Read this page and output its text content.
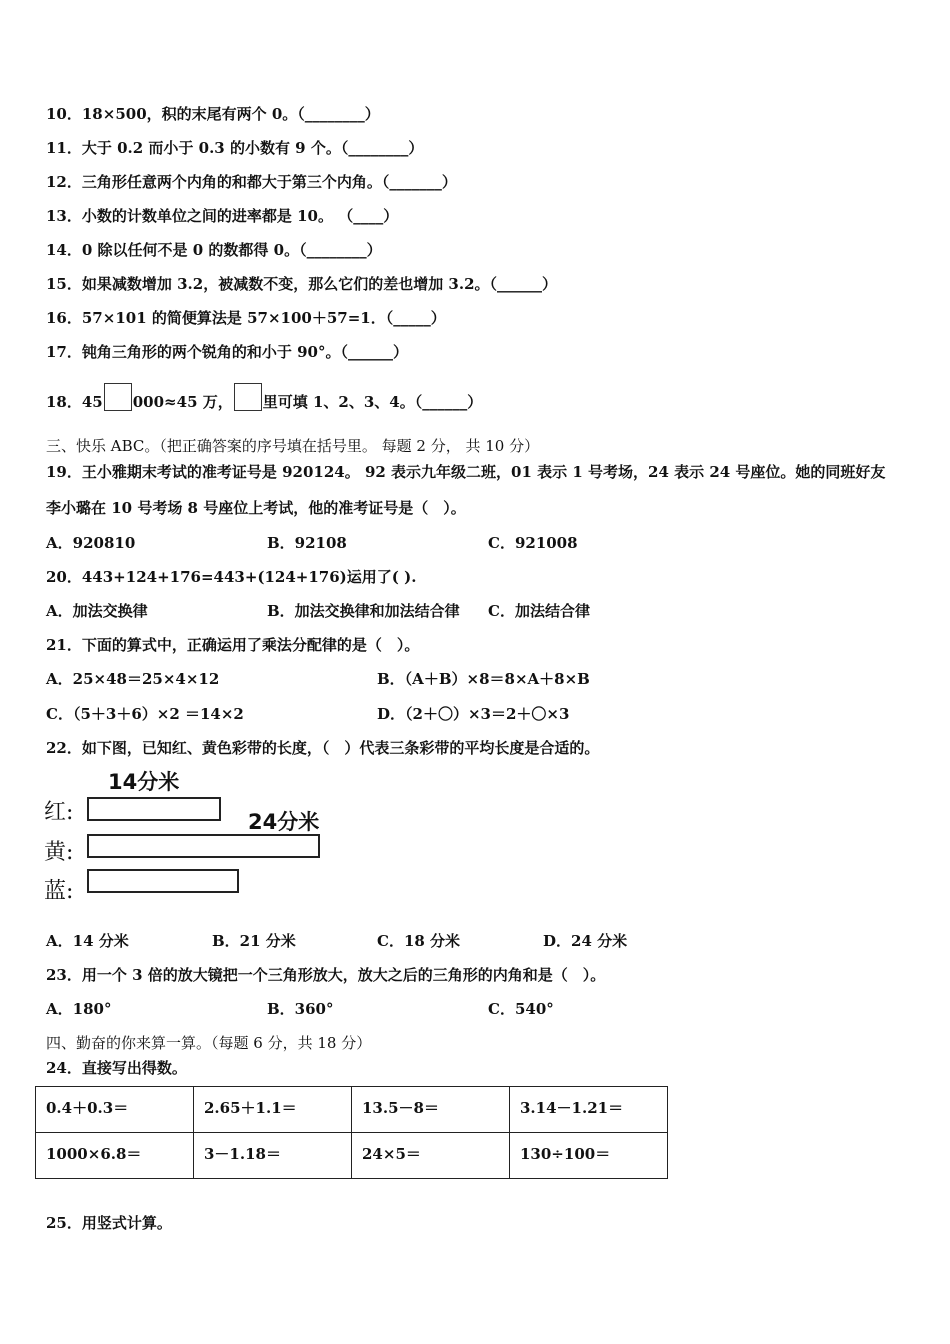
10．18×500，积的末尾有两个 0。（________）
11．大于 0.2 而小于 0.3 的小数有 9 个。（________）
12．三角形任意两个内角的和都大于第三个内角。（_______）
13．小数的计数单位之间的进率都是 10。 （____）
14．0 除以任何不是 0 的数都得 0。（________）
15．如果减数增加 3.2，被减数不变，那么它们的差也增加 3.2。（______）
16．57×101 的简便算法是 57×100＋57=1．（_____）
17．钝角三角形的两个锐角的和小于 90°。（______）
18．45 000≈45 万， 里可填 1、2、3、4。（______）
三、快乐 ABC。（把正确答案的序号填在括号里。 每题 2 分， 共 10 分）
19．王小雅期末考试的准考证号是 920124。 92 表示九年级二班，01 表示 1 号考场，24 表示 24 号座位。她的同班好友
李小璐在 10 号考场 8 号座位上考试，他的准考证号是（　）。
A．920810	B．92108	C．921008
20．443+124+176=443+(124+176)运用了( ).
A．加法交换律	B．加法交换律和加法结合律 C．加法结合律
21．下面的算式中，正确运用了乘法分配律的是（　）。
A．25×48＝25×4×12	B．（A＋B）×8＝8×A＋8×B
C．（5＋3＋6）×2 ＝14×2	D．（2＋〇）×3＝2＋〇×3
22．如下图，已知红、黄色彩带的长度，（　）代表三条彩带的平均长度是合适的。
14分米
24分米
红:
黄:
蓝:
A．14 分米	B．21 分米	C．18 分米	D．24 分米
23．用一个 3 倍的放大镜把一个三角形放大，放大之后的三角形的内角和是（　）。
A．180°	B．360°	C．540°
四、勤奋的你来算一算。（每题 6 分，共 18 分）
24．直接写出得数。
0.4＋0.3＝	2.65＋1.1＝	13.5－8＝	3.14－1.21＝
1000×6.8＝	3－1.18＝	24×5＝	130÷100＝
25．用竖式计算。
